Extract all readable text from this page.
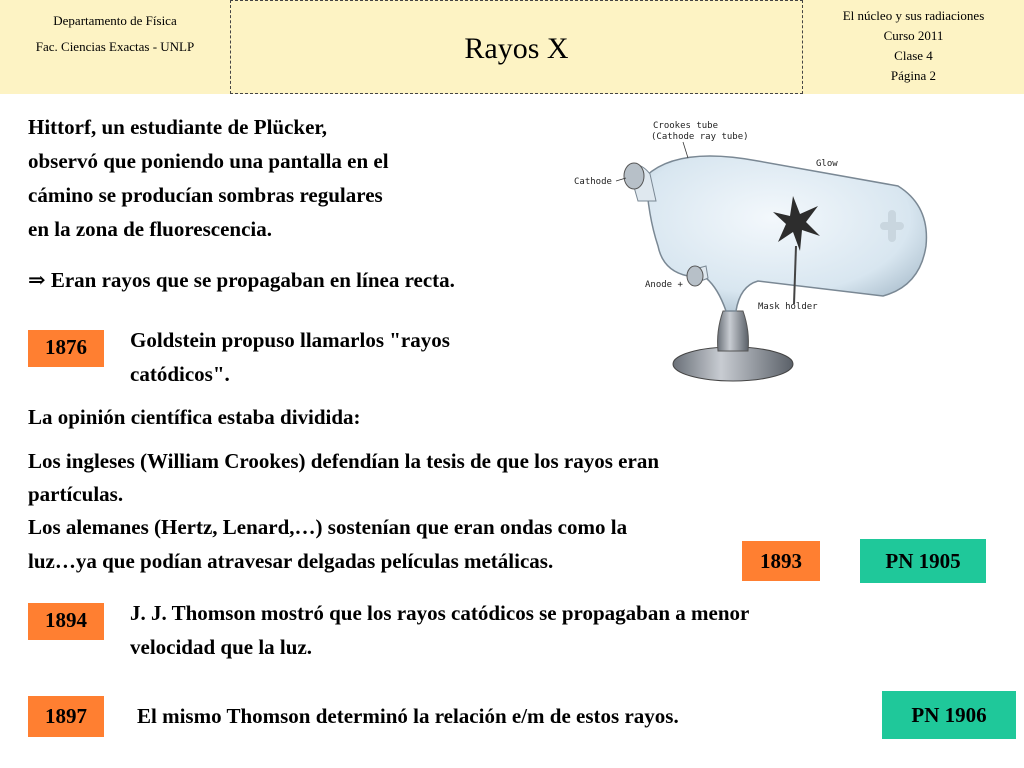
Departamento de Física
Fac. Ciencias Exactas - UNLP	Rayos X
El núcleo y sus radiaciones
Curso 2011
Clase 4
Página 2
Hittorf, un estudiante de Plücker,
observó que poniendo una pantalla en el
cámino se producían sombras regulares
en la zona de fluorescencia.
⇒ Eran rayos que se propagaban en línea recta.
1876	Goldstein propuso llamarlos "rayos
catódicos".
La opinión científica estaba dividida:
Los ingleses (William Crookes) defendían la tesis de que los rayos eran
partículas.
Los alemanes (Hertz, Lenard,…) sostenían que eran ondas como la
luz…ya que podían atravesar delgadas películas metálicas.	1893	PN 1905
1894	J. J. Thomson mostró que los rayos catódicos se propagaban a menor
velocidad que la luz.
1897	El mismo Thomson determinó la relación e/m de estos rayos.	PN 1906
Crookes tube
(Cathode ray tube)
Cathode
Glow
Anode +
Mask holder
